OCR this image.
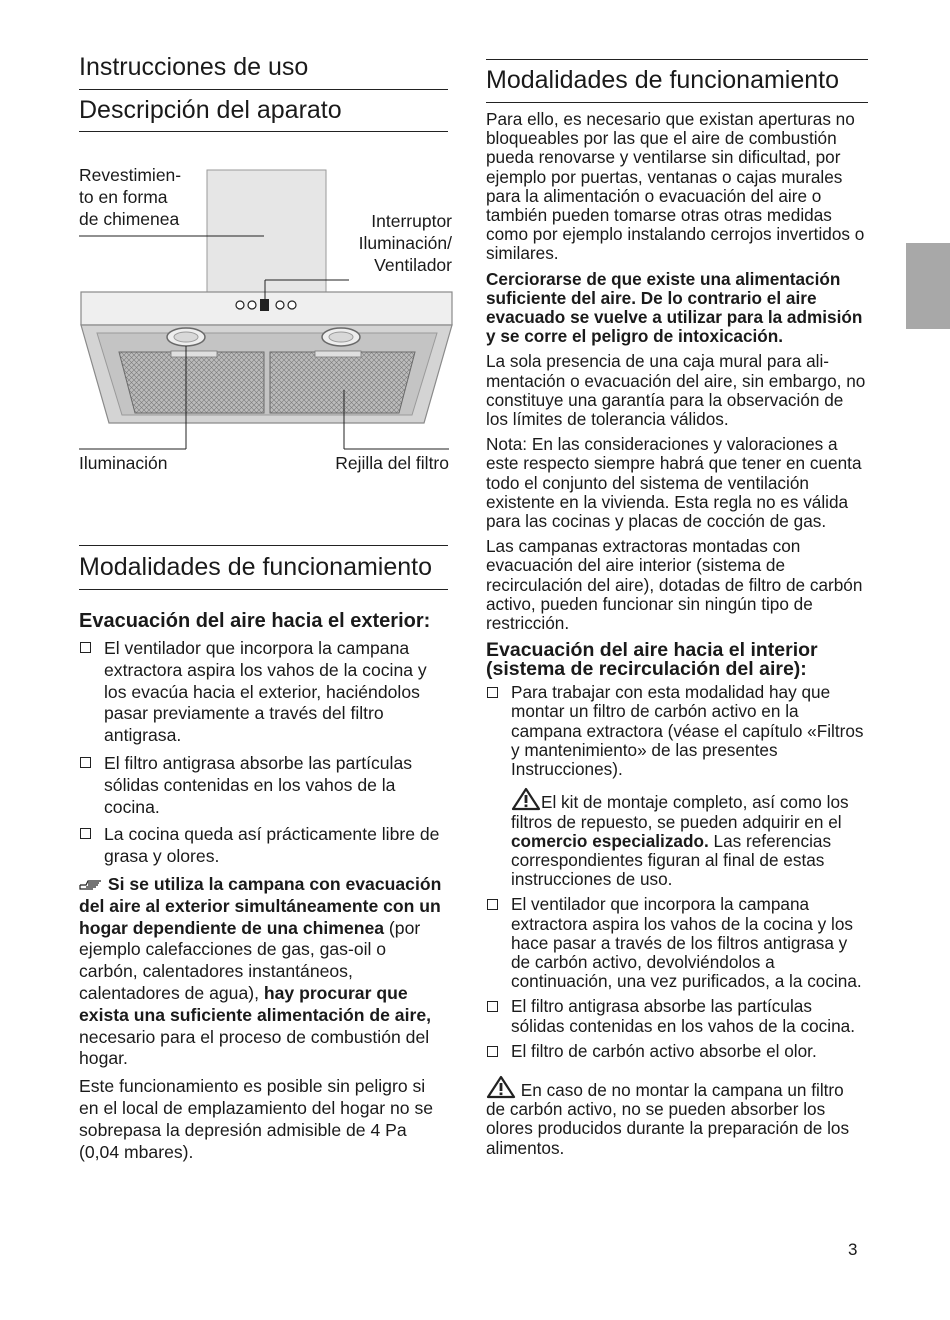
Instrucciones de uso
Descripción del aparato
Revestimien-
to en forma
de chimenea	Interruptor
Iluminación/
Ventilador
Iluminación	Rejilla del filtro
Modalidades de funcionamiento
Evacuación del aire hacia el exterior:
El ventilador que incorpora la campana extractora aspira los vahos de la cocina y los evacúa hacia el exterior, haciéndolos pasar previamente a través del filtro antigrasa.
El filtro antigrasa absorbe las partículas sólidas contenidas en los vahos de la cocina.
La cocina queda así prácticamente libre de grasa y olores.
Si se utiliza la campana con evacuación del aire al exterior simultáneamente con un hogar dependiente de una chimenea (por ejemplo calefacciones de gas, gas-oil o carbón, calentadores instantáneos, calentadores de agua), hay procurar que exista una suficiente alimentación de aire, necesario para el proceso de combustión del hogar.
Este funcionamiento es posible sin peligro si en el local de emplazamiento del hogar no se sobrepasa la depresión admisible de 4 Pa (0,04 mbares).
Modalidades de funcionamiento
Para ello, es necesario que existan aperturas no bloqueables por las que el aire de combustión pueda renovarse y ventilarse sin dificultad, por ejemplo por puertas, ventanas o cajas murales para la alimentación o evacuación del aire o también pueden tomarse otras otras medidas como por ejemplo instalando cerrojos invertidos o similares.
Cerciorarse de que existe una alimentación suficiente del aire. De lo contrario el aire evacuado se vuelve a utilizar para la admisión y se corre el peligro de intoxicación.
La sola presencia de una caja mural para alimentación o evacuación del aire, sin embargo, no constituye una garantía para la observación de los límites de tolerancia válidos.
Nota: En las consideraciones y valoraciones a este respecto siempre habrá que tener en cuenta todo el conjunto del sistema de ventilación existente en la vivienda. Esta regla no es válida para las cocinas y placas de cocción de gas.
Las campanas extractoras montadas con evacuación del aire interior (sistema de recirculación del aire), dotadas de filtro de carbón activo, pueden funcionar sin ningún tipo de restricción.
Evacuación del aire hacia el interior (sistema de recirculación del aire):
Para trabajar con esta modalidad hay que montar un filtro de carbón activo en la campana extractora (véase el capítulo «Filtros y mantenimiento» de las presentes Instrucciones).
El kit de montaje completo, así como los filtros de repuesto, se pueden adquirir en el comercio especializado. Las referencias correspondientes figuran al final de estas instrucciones de uso.
El ventilador que incorpora la campana extractora aspira los vahos de la cocina y los hace pasar a través de los filtros antigrasa y de carbón activo, devolviéndolos a continuación, una vez purificados, a la cocina.
El filtro antigrasa absorbe las partículas sólidas contenidas en los vahos de la cocina.
El filtro de carbón activo absorbe el olor.
En caso de no montar la campana un filtro de carbón activo, no se pueden absorber los olores producidos durante la preparación de los alimentos.
3
